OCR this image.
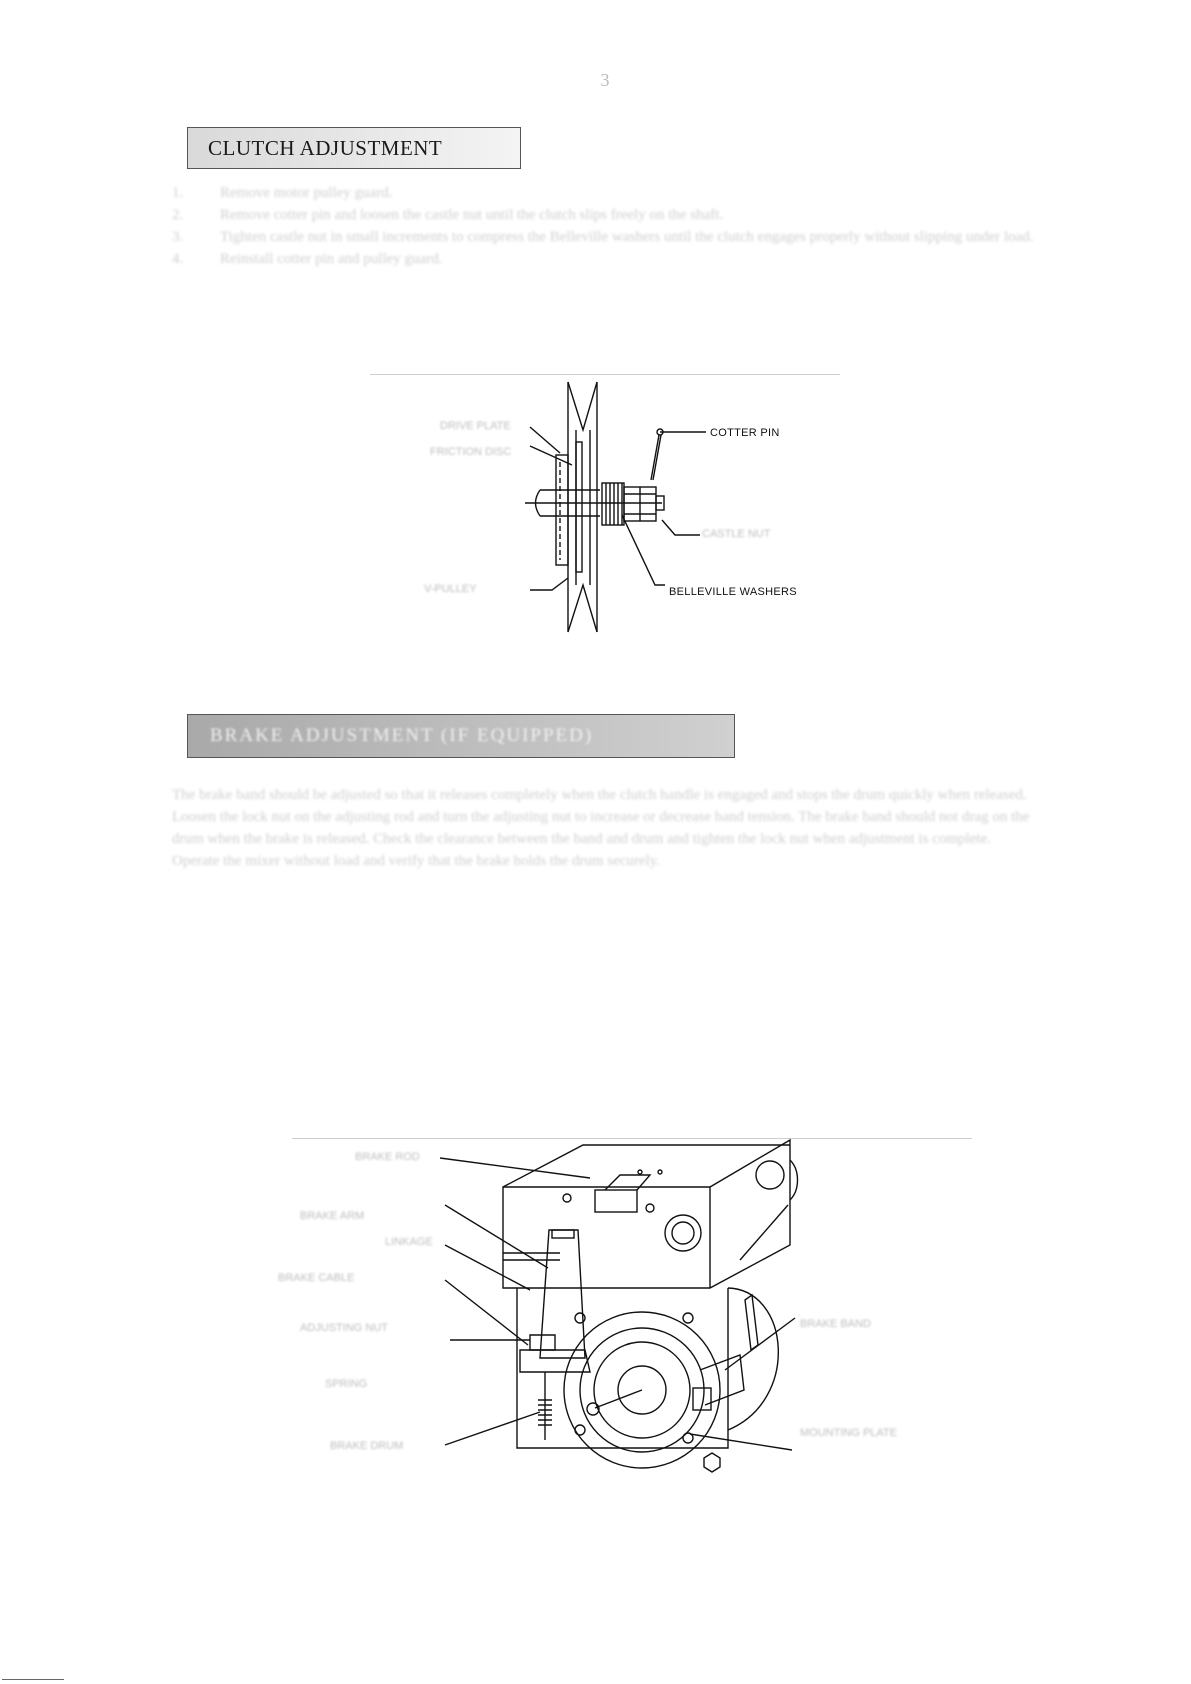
3
CLUTCH ADJUSTMENT
1. Remove motor pulley guard.
2. Remove cotter pin and loosen the castle nut until the clutch slips freely on the shaft.
3. Tighten castle nut in small increments to compress the Belleville washers until the clutch engages properly without slipping under load.
4. Reinstall cotter pin and pulley guard.
COTTER PIN
BELLEVILLE WASHERS
DRIVE PLATE
FRICTION DISC
CASTLE NUT
V-PULLEY
BRAKE ADJUSTMENT (IF EQUIPPED)

The brake band should be adjusted so that it releases completely when the clutch handle is engaged and stops the drum quickly when released. Loosen the lock nut on the adjusting rod and turn the adjusting nut to increase or decrease band tension. The brake band should not drag on the drum when the brake is released. Check the clearance between the band and drum and tighten the lock nut when adjustment is complete. Operate the mixer without load and verify that the brake holds the drum securely.

BRAKE ROD
BRAKE ARM
LINKAGE
BRAKE CABLE
ADJUSTING NUT	BRAKE BAND
SPRING
BRAKE DRUM
MOUNTING PLATE
